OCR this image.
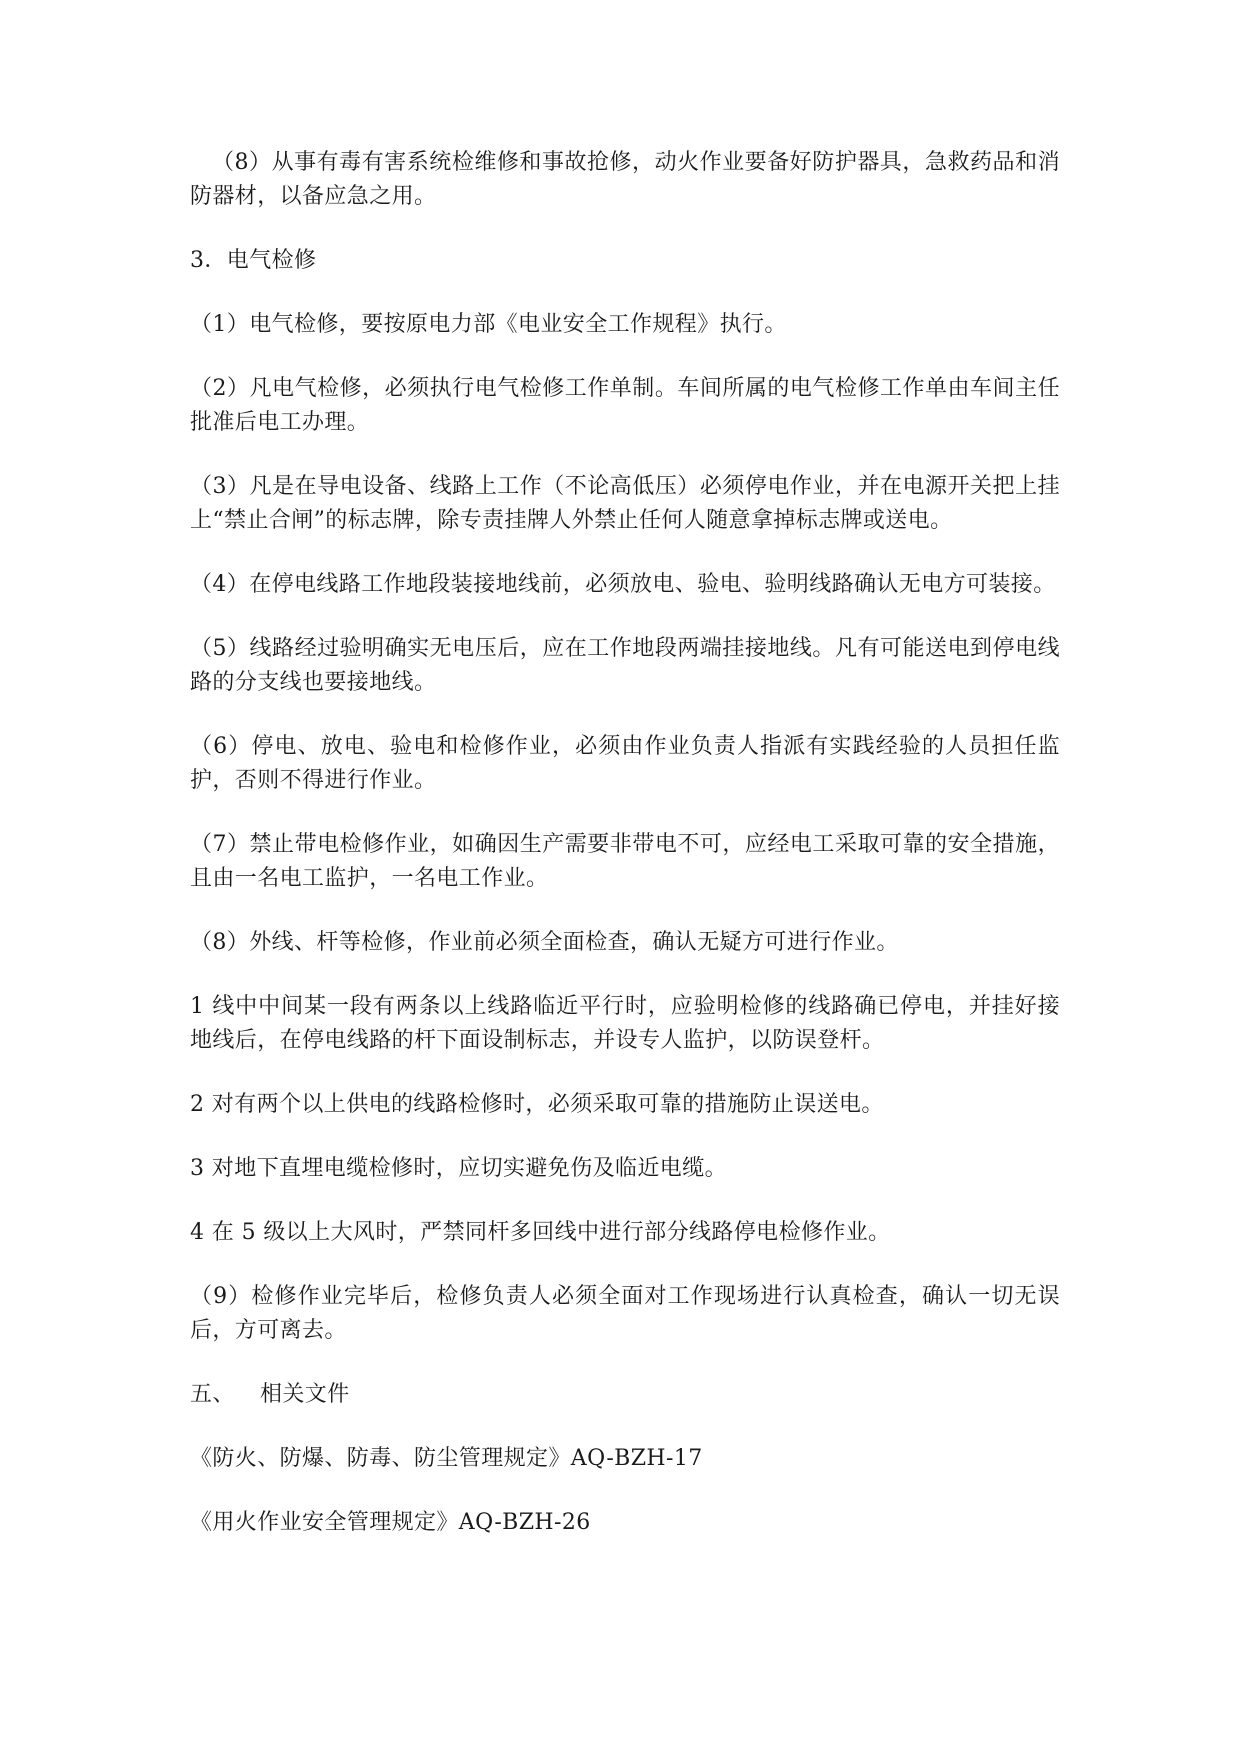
（8）从事有毒有害系统检维修和事故抢修，动火作业要备好防护器具，急救药品和消防器材，以备应急之用。

3．电气检修

（1）电气检修，要按原电力部《电业安全工作规程》执行。

（2）凡电气检修，必须执行电气检修工作单制。车间所属的电气检修工作单由车间主任批准后电工办理。

（3）凡是在导电设备、线路上工作（不论高低压）必须停电作业，并在电源开关把上挂上“禁止合闸”的标志牌，除专责挂牌人外禁止任何人随意拿掉标志牌或送电。

（4）在停电线路工作地段装接地线前，必须放电、验电、验明线路确认无电方可装接。

（5）线路经过验明确实无电压后，应在工作地段两端挂接地线。凡有可能送电到停电线路的分支线也要接地线。

（6）停电、放电、验电和检修作业，必须由作业负责人指派有实践经验的人员担任监护，否则不得进行作业。

（7）禁止带电检修作业，如确因生产需要非带电不可，应经电工采取可靠的安全措施，且由一名电工监护，一名电工作业。

（8）外线、杆等检修，作业前必须全面检查，确认无疑方可进行作业。

1 线中中间某一段有两条以上线路临近平行时，应验明检修的线路确已停电，并挂好接地线后，在停电线路的杆下面设制标志，并设专人监护，以防误登杆。

2 对有两个以上供电的线路检修时，必须采取可靠的措施防止误送电。

3 对地下直埋电缆检修时，应切实避免伤及临近电缆。

4 在 5 级以上大风时，严禁同杆多回线中进行部分线路停电检修作业。

（9）检修作业完毕后，检修负责人必须全面对工作现场进行认真检查，确认一切无误后，方可离去。

五、 相关文件

《防火、防爆、防毒、防尘管理规定》AQ-BZH-17

《用火作业安全管理规定》AQ-BZH-26
